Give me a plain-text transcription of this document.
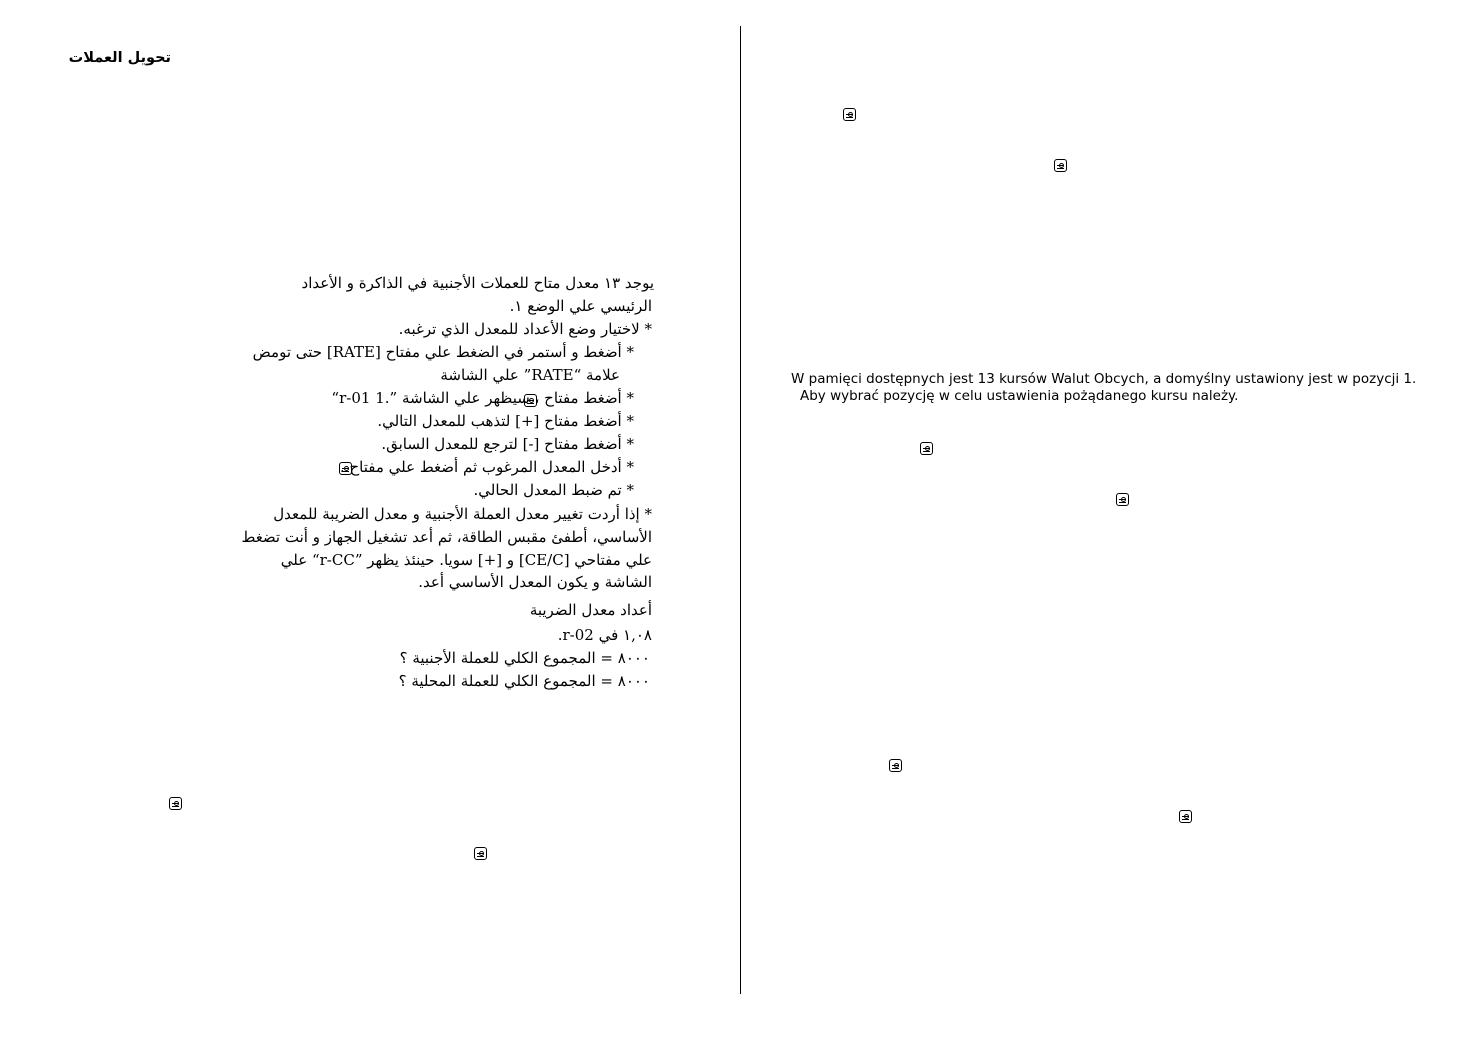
تحويل العملات
يوجد ١٣ معدل متاح للعملات الأجنبية في الذاكرة و الأعداد
الرئيسي علي الوضع ١.
* لاختيار وضع الأعداد للمعدل الذي ترغبه.
* أضغط و أستمر في الضغط علي مفتاح [RATE] حتى تومض
علامة “RATE” علي الشاشة
* أضغط مفتاح ، سيظهر علي الشاشة ”.1 r-01“
* أضغط مفتاح [+] لتذهب للمعدل التالي.
* أضغط مفتاح [-] لترجع للمعدل السابق.
* أدخل المعدل المرغوب ثم أضغط علي مفتاح .
* تم ضبط المعدل الحالي.
* إذا أردت تغيير معدل العملة الأجنبية و معدل الضريبة للمعدل
الأساسي، أطفئ مقبس الطاقة، ثم أعد تشغيل الجهاز و أنت تضغط
علي مفتاحي [CE/C] و [+] سويا. حينئذ يظهر ”r-CC“ علي
الشاشة و يكون المعدل الأساسي أعد.
أعداد معدل الضريبة
١,٠٨ في r-02.
٨٠٠٠ = المجموع الكلي للعملة الأجنبية ؟
٨٠٠٠ = المجموع الكلي للعملة المحلية ؟
W pamięci dostępnych jest 13 kursów Walut Obcych, a domyślny ustawiony jest w pozycji 1.
Aby wybrać pozycję w celu ustawienia pożądanego kursu należy.
